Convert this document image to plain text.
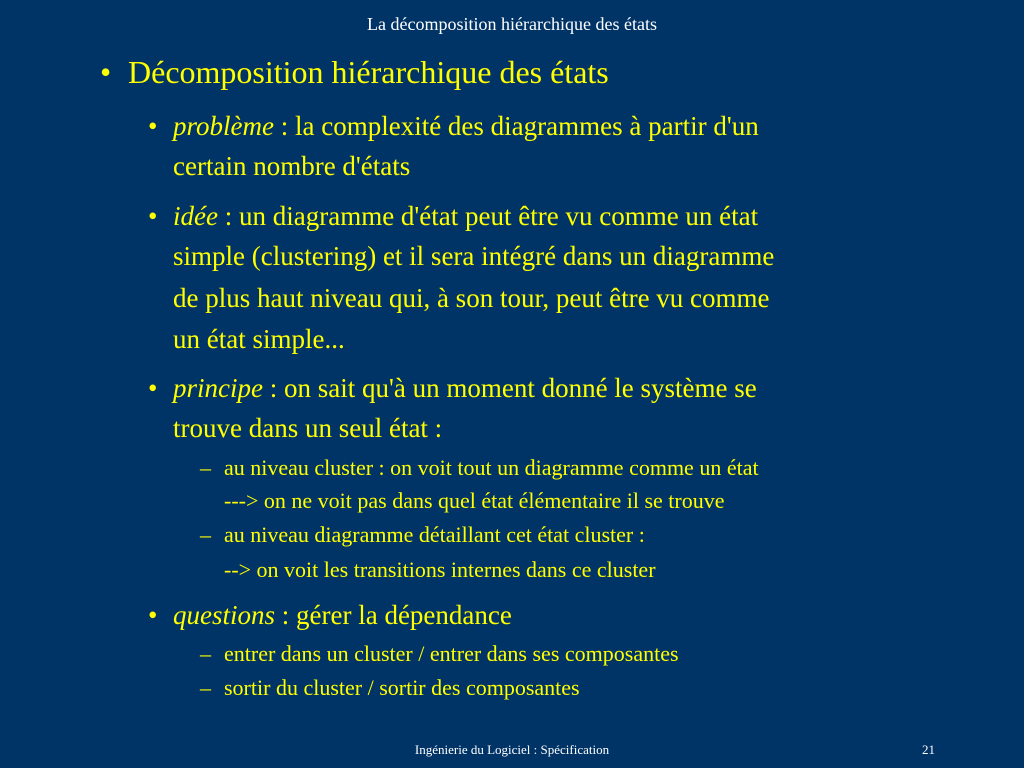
La décomposition hiérarchique des états
• Décomposition hiérarchique des états
• problème : la complexité des diagrammes à partir d'un
certain nombre d'états
• idée : un diagramme d'état peut être vu comme un état
simple (clustering) et il sera intégré dans un diagramme
de plus haut niveau qui, à son tour, peut être vu comme
un état simple...
• principe : on sait qu'à un moment donné le système se
trouve dans un seul état :
– au niveau cluster : on voit tout un diagramme comme un état
---> on ne voit pas dans quel état élémentaire il se trouve
– au niveau diagramme détaillant cet état cluster :
--> on voit les transitions internes dans ce cluster
• questions : gérer la dépendance
– entrer dans un cluster / entrer dans ses composantes
– sortir du cluster / sortir des composantes
Ingénierie du Logiciel : Spécification	21
